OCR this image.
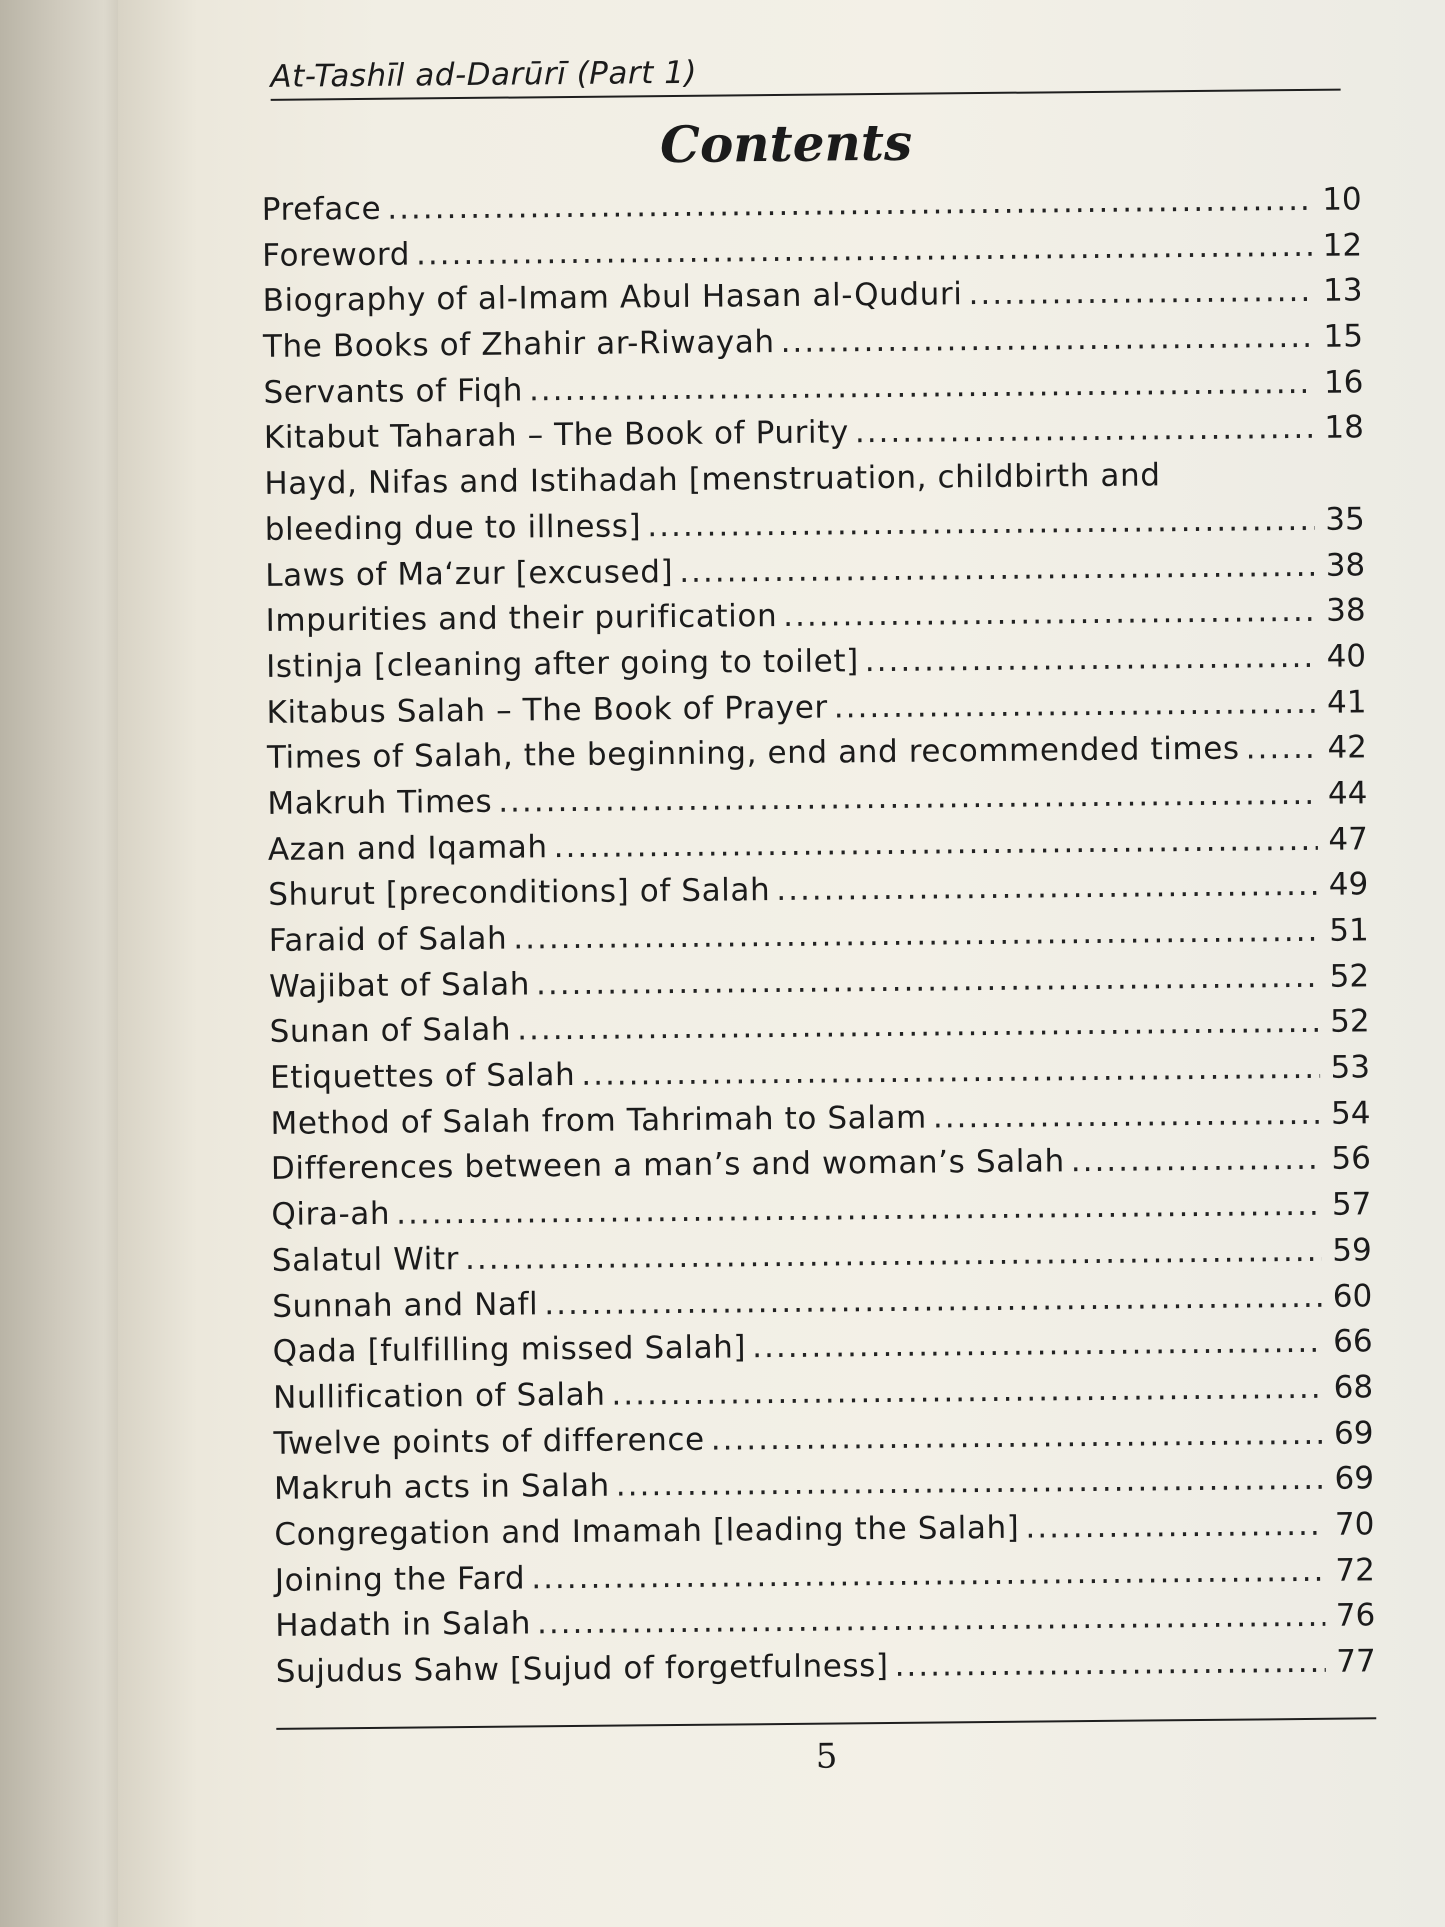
At-Tashīl ad-Darūrī (Part 1)
Contents
Preface .....	10
Foreword .....	12
Biography of al-Imam Abul Hasan al-Quduri .....	13
The Books of Zhahir ar-Riwayah .....	15
Servants of Fiqh .....	16
Kitabut Taharah – The Book of Purity .....	18
Hayd, Nifas and Istihadah [menstruation, childbirth and
bleeding due to illness] .....	35
Laws of Ma‘zur [excused] .....	38
Impurities and their purification .....	38
Istinja [cleaning after going to toilet] .....	40
Kitabus Salah – The Book of Prayer .....	41
Times of Salah, the beginning, end and recommended times .....	42
Makruh Times .....	44
Azan and Iqamah .....	47
Shurut [preconditions] of Salah .....	49
Faraid of Salah .....	51
Wajibat of Salah .....	52
Sunan of Salah .....	52
Etiquettes of Salah .....	53
Method of Salah from Tahrimah to Salam .....	54
Differences between a man’s and woman’s Salah .....	56
Qira-ah .....	57
Salatul Witr .....	59
Sunnah and Nafl .....	60
Qada [fulfilling missed Salah] .....	66
Nullification of Salah .....	68
Twelve points of difference .....	69
Makruh acts in Salah .....	69
Congregation and Imamah [leading the Salah] .....	70
Joining the Fard .....	72
Hadath in Salah .....	76
Sujudus Sahw [Sujud of forgetfulness] .....	77
5
